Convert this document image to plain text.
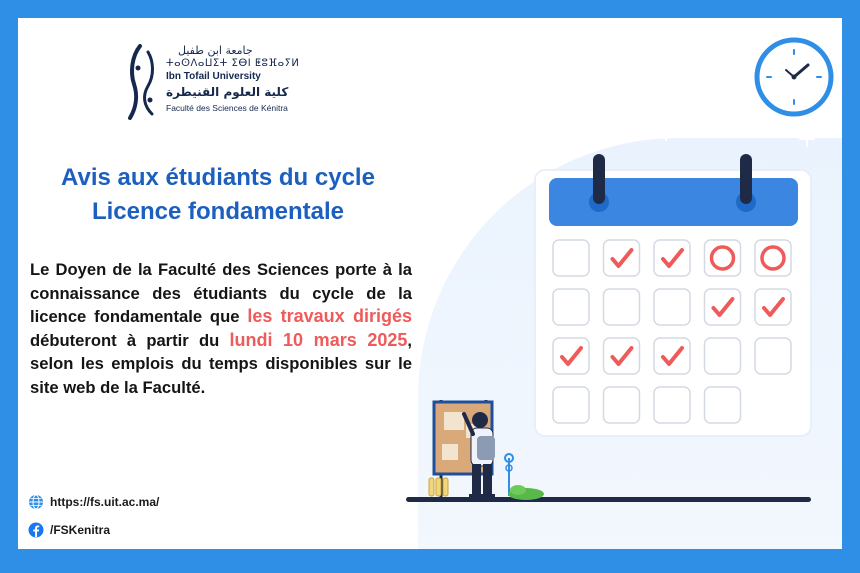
جامعة ابن طفيل
ⵜⴰⵙⴷⴰⵡⵉⵜ ⵉⴱⵏ ⵟⵓⴼⴰⵢⵍ
Ibn Tofail University
كلية العلوم القنيطرة
Faculté des Sciences de Kénitra
Avis aux étudiants du cycle
Licence fondamentale
Le Doyen de la Faculté des Sciences porte à la connaissance des étudiants du cycle de la licence fondamentale que les travaux dirigés débuteront à partir du lundi 10 mars 2025, selon les emplois du temps disponibles sur le site web de la Faculté.
https://fs.uit.ac.ma/
/FSKenitra
